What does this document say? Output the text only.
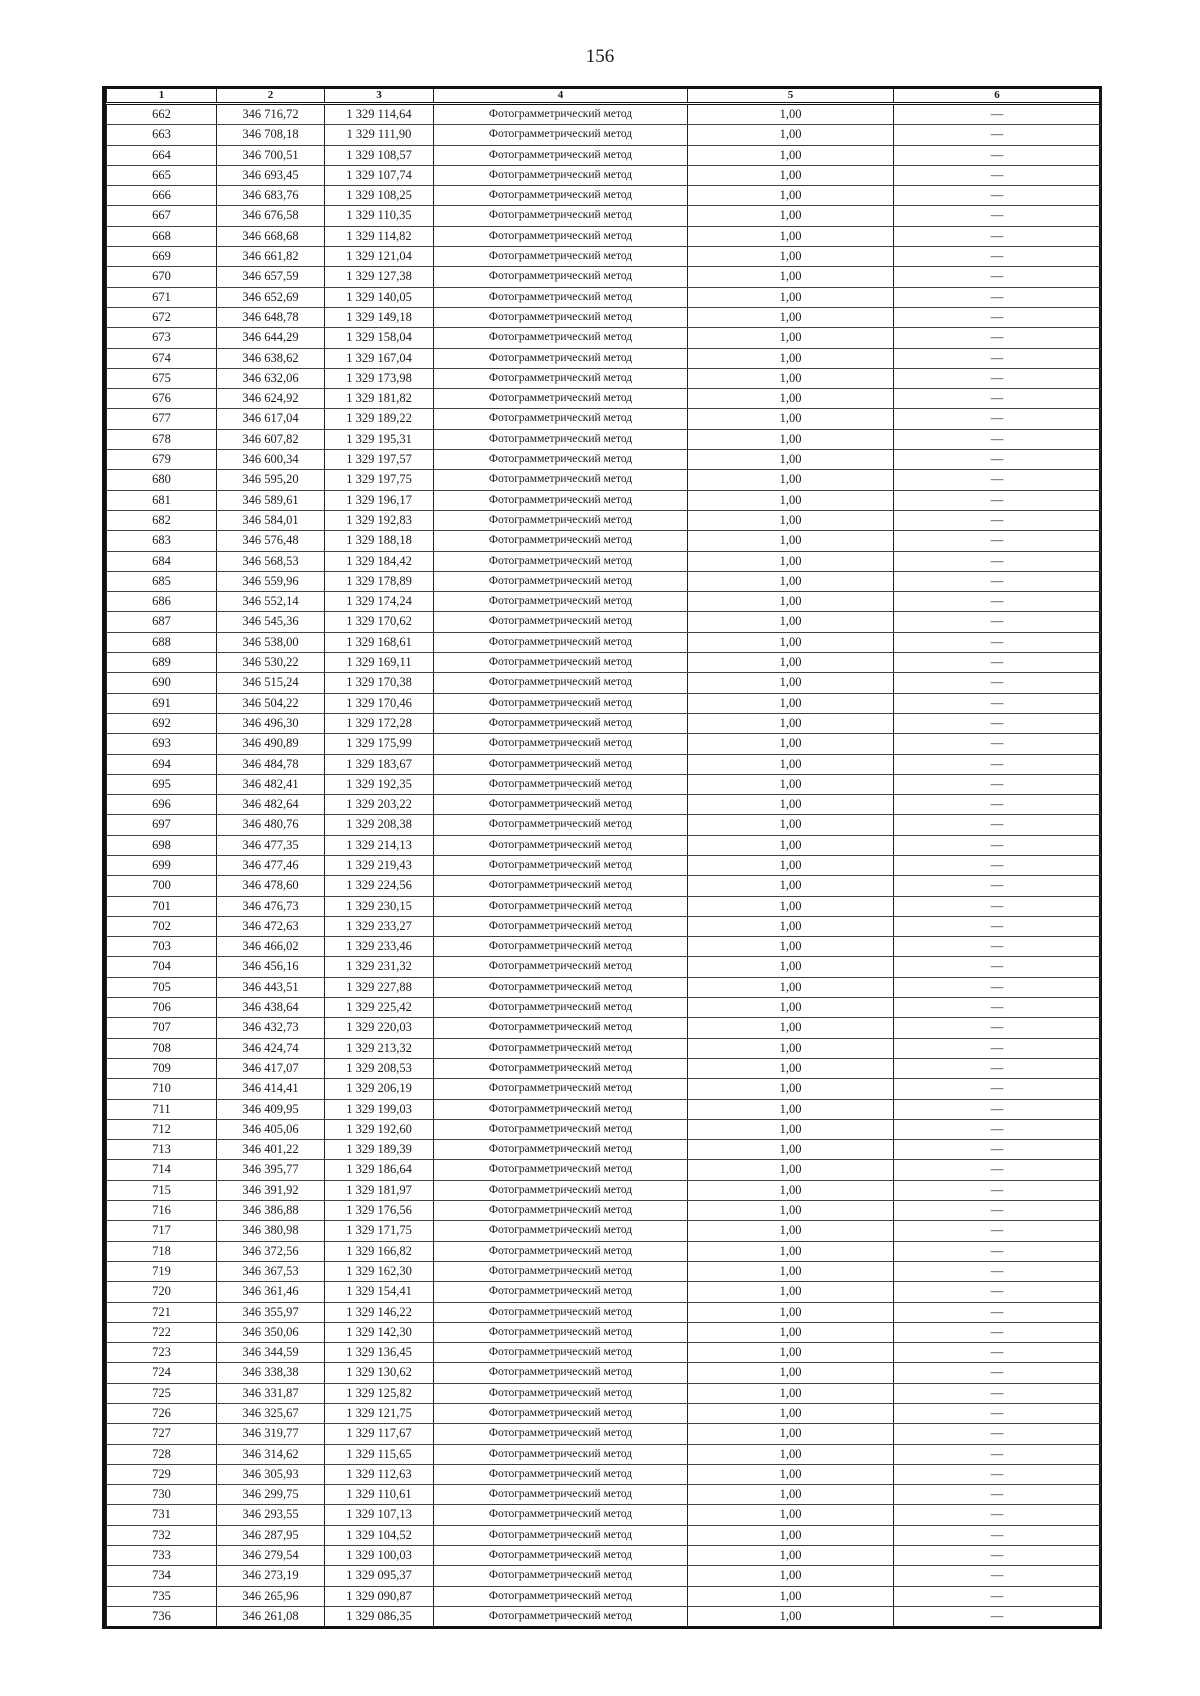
156
1	2	3	4	5	6
662	346 716,72	1 329 114,64	Фотограмметрический метод	1,00	—
663	346 708,18	1 329 111,90	Фотограмметрический метод	1,00	—
664	346 700,51	1 329 108,57	Фотограмметрический метод	1,00	—
665	346 693,45	1 329 107,74	Фотограмметрический метод	1,00	—
666	346 683,76	1 329 108,25	Фотограмметрический метод	1,00	—
667	346 676,58	1 329 110,35	Фотограмметрический метод	1,00	—
668	346 668,68	1 329 114,82	Фотограмметрический метод	1,00	—
669	346 661,82	1 329 121,04	Фотограмметрический метод	1,00	—
670	346 657,59	1 329 127,38	Фотограмметрический метод	1,00	—
671	346 652,69	1 329 140,05	Фотограмметрический метод	1,00	—
672	346 648,78	1 329 149,18	Фотограмметрический метод	1,00	—
673	346 644,29	1 329 158,04	Фотограмметрический метод	1,00	—
674	346 638,62	1 329 167,04	Фотограмметрический метод	1,00	—
675	346 632,06	1 329 173,98	Фотограмметрический метод	1,00	—
676	346 624,92	1 329 181,82	Фотограмметрический метод	1,00	—
677	346 617,04	1 329 189,22	Фотограмметрический метод	1,00	—
678	346 607,82	1 329 195,31	Фотограмметрический метод	1,00	—
679	346 600,34	1 329 197,57	Фотограмметрический метод	1,00	—
680	346 595,20	1 329 197,75	Фотограмметрический метод	1,00	—
681	346 589,61	1 329 196,17	Фотограмметрический метод	1,00	—
682	346 584,01	1 329 192,83	Фотограмметрический метод	1,00	—
683	346 576,48	1 329 188,18	Фотограмметрический метод	1,00	—
684	346 568,53	1 329 184,42	Фотограмметрический метод	1,00	—
685	346 559,96	1 329 178,89	Фотограмметрический метод	1,00	—
686	346 552,14	1 329 174,24	Фотограмметрический метод	1,00	—
687	346 545,36	1 329 170,62	Фотограмметрический метод	1,00	—
688	346 538,00	1 329 168,61	Фотограмметрический метод	1,00	—
689	346 530,22	1 329 169,11	Фотограмметрический метод	1,00	—
690	346 515,24	1 329 170,38	Фотограмметрический метод	1,00	—
691	346 504,22	1 329 170,46	Фотограмметрический метод	1,00	—
692	346 496,30	1 329 172,28	Фотограмметрический метод	1,00	—
693	346 490,89	1 329 175,99	Фотограмметрический метод	1,00	—
694	346 484,78	1 329 183,67	Фотограмметрический метод	1,00	—
695	346 482,41	1 329 192,35	Фотограмметрический метод	1,00	—
696	346 482,64	1 329 203,22	Фотограмметрический метод	1,00	—
697	346 480,76	1 329 208,38	Фотограмметрический метод	1,00	—
698	346 477,35	1 329 214,13	Фотограмметрический метод	1,00	—
699	346 477,46	1 329 219,43	Фотограмметрический метод	1,00	—
700	346 478,60	1 329 224,56	Фотограмметрический метод	1,00	—
701	346 476,73	1 329 230,15	Фотограмметрический метод	1,00	—
702	346 472,63	1 329 233,27	Фотограмметрический метод	1,00	—
703	346 466,02	1 329 233,46	Фотограмметрический метод	1,00	—
704	346 456,16	1 329 231,32	Фотограмметрический метод	1,00	—
705	346 443,51	1 329 227,88	Фотограмметрический метод	1,00	—
706	346 438,64	1 329 225,42	Фотограмметрический метод	1,00	—
707	346 432,73	1 329 220,03	Фотограмметрический метод	1,00	—
708	346 424,74	1 329 213,32	Фотограмметрический метод	1,00	—
709	346 417,07	1 329 208,53	Фотограмметрический метод	1,00	—
710	346 414,41	1 329 206,19	Фотограмметрический метод	1,00	—
711	346 409,95	1 329 199,03	Фотограмметрический метод	1,00	—
712	346 405,06	1 329 192,60	Фотограмметрический метод	1,00	—
713	346 401,22	1 329 189,39	Фотограмметрический метод	1,00	—
714	346 395,77	1 329 186,64	Фотограмметрический метод	1,00	—
715	346 391,92	1 329 181,97	Фотограмметрический метод	1,00	—
716	346 386,88	1 329 176,56	Фотограмметрический метод	1,00	—
717	346 380,98	1 329 171,75	Фотограмметрический метод	1,00	—
718	346 372,56	1 329 166,82	Фотограмметрический метод	1,00	—
719	346 367,53	1 329 162,30	Фотограмметрический метод	1,00	—
720	346 361,46	1 329 154,41	Фотограмметрический метод	1,00	—
721	346 355,97	1 329 146,22	Фотограмметрический метод	1,00	—
722	346 350,06	1 329 142,30	Фотограмметрический метод	1,00	—
723	346 344,59	1 329 136,45	Фотограмметрический метод	1,00	—
724	346 338,38	1 329 130,62	Фотограмметрический метод	1,00	—
725	346 331,87	1 329 125,82	Фотограмметрический метод	1,00	—
726	346 325,67	1 329 121,75	Фотограмметрический метод	1,00	—
727	346 319,77	1 329 117,67	Фотограмметрический метод	1,00	—
728	346 314,62	1 329 115,65	Фотограмметрический метод	1,00	—
729	346 305,93	1 329 112,63	Фотограмметрический метод	1,00	—
730	346 299,75	1 329 110,61	Фотограмметрический метод	1,00	—
731	346 293,55	1 329 107,13	Фотограмметрический метод	1,00	—
732	346 287,95	1 329 104,52	Фотограмметрический метод	1,00	—
733	346 279,54	1 329 100,03	Фотограмметрический метод	1,00	—
734	346 273,19	1 329 095,37	Фотограмметрический метод	1,00	—
735	346 265,96	1 329 090,87	Фотограмметрический метод	1,00	—
736	346 261,08	1 329 086,35	Фотограмметрический метод	1,00	—
